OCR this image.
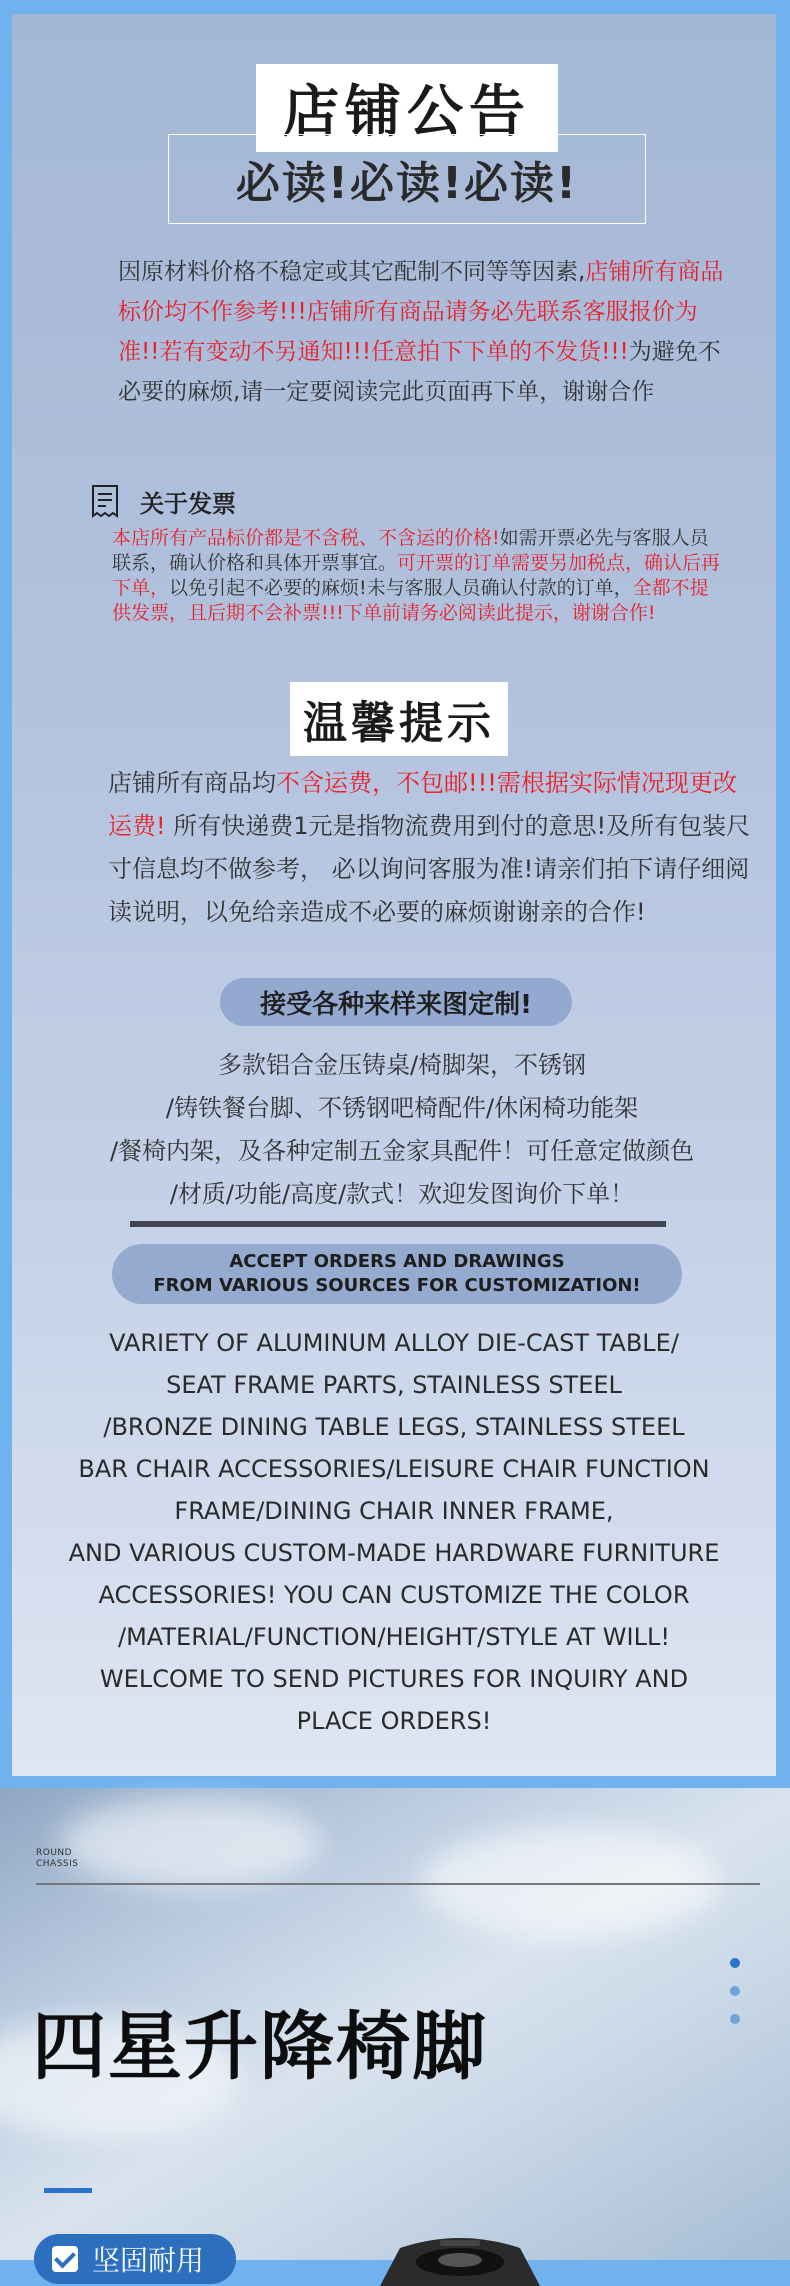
店铺公告
必读!必读!必读!

因原材料价格不稳定或其它配制不同等等因素,店铺所有商品标价均不作参考!!!店铺所有商品请务必先联系客服报价为准!!若有变动不另通知!!!任意拍下下单的不发货!!!为避免不必要的麻烦,请一定要阅读完此页面再下单，谢谢合作

关于发票

本店所有产品标价都是不含税、不含运的价格!如需开票必先与客服人员联系，确认价格和具体开票事宜。可开票的订单需要另加税点，确认后再下单，以免引起不必要的麻烦!未与客服人员确认付款的订单，全都不提供发票，且后期不会补票!!!下单前请务必阅读此提示，谢谢合作!

温馨提示

店铺所有商品均不含运费，不包邮!!!需根据实际情况现更改运费! 所有快递费1元是指物流费用到付的意思!及所有包装尺寸信息均不做参考， 必以询问客服为准!请亲们拍下请仔细阅读说明，以免给亲造成不必要的麻烦谢谢亲的合作!

接受各种来样来图定制!
多款铝合金压铸桌/椅脚架，不锈钢
/铸铁餐台脚、不锈钢吧椅配件/休闲椅功能架
/餐椅内架，及各种定制五金家具配件！可任意定做颜色
/材质/功能/高度/款式！欢迎发图询价下单！
ACCEPT ORDERS AND DRAWINGS
FROM VARIOUS SOURCES FOR CUSTOMIZATION!
VARIETY OF ALUMINUM ALLOY DIE-CAST TABLE/
SEAT FRAME PARTS, STAINLESS STEEL
/BRONZE DINING TABLE LEGS, STAINLESS STEEL
BAR CHAIR ACCESSORIES/LEISURE CHAIR FUNCTION
FRAME/DINING CHAIR INNER FRAME,
AND VARIOUS CUSTOM-MADE HARDWARE FURNITURE
ACCESSORIES! YOU CAN CUSTOMIZE THE COLOR
/MATERIAL/FUNCTION/HEIGHT/STYLE AT WILL!
WELCOME TO SEND PICTURES FOR INQUIRY AND
PLACE ORDERS!
ROUND
CHASSIS
四星升降椅脚
坚固耐用
